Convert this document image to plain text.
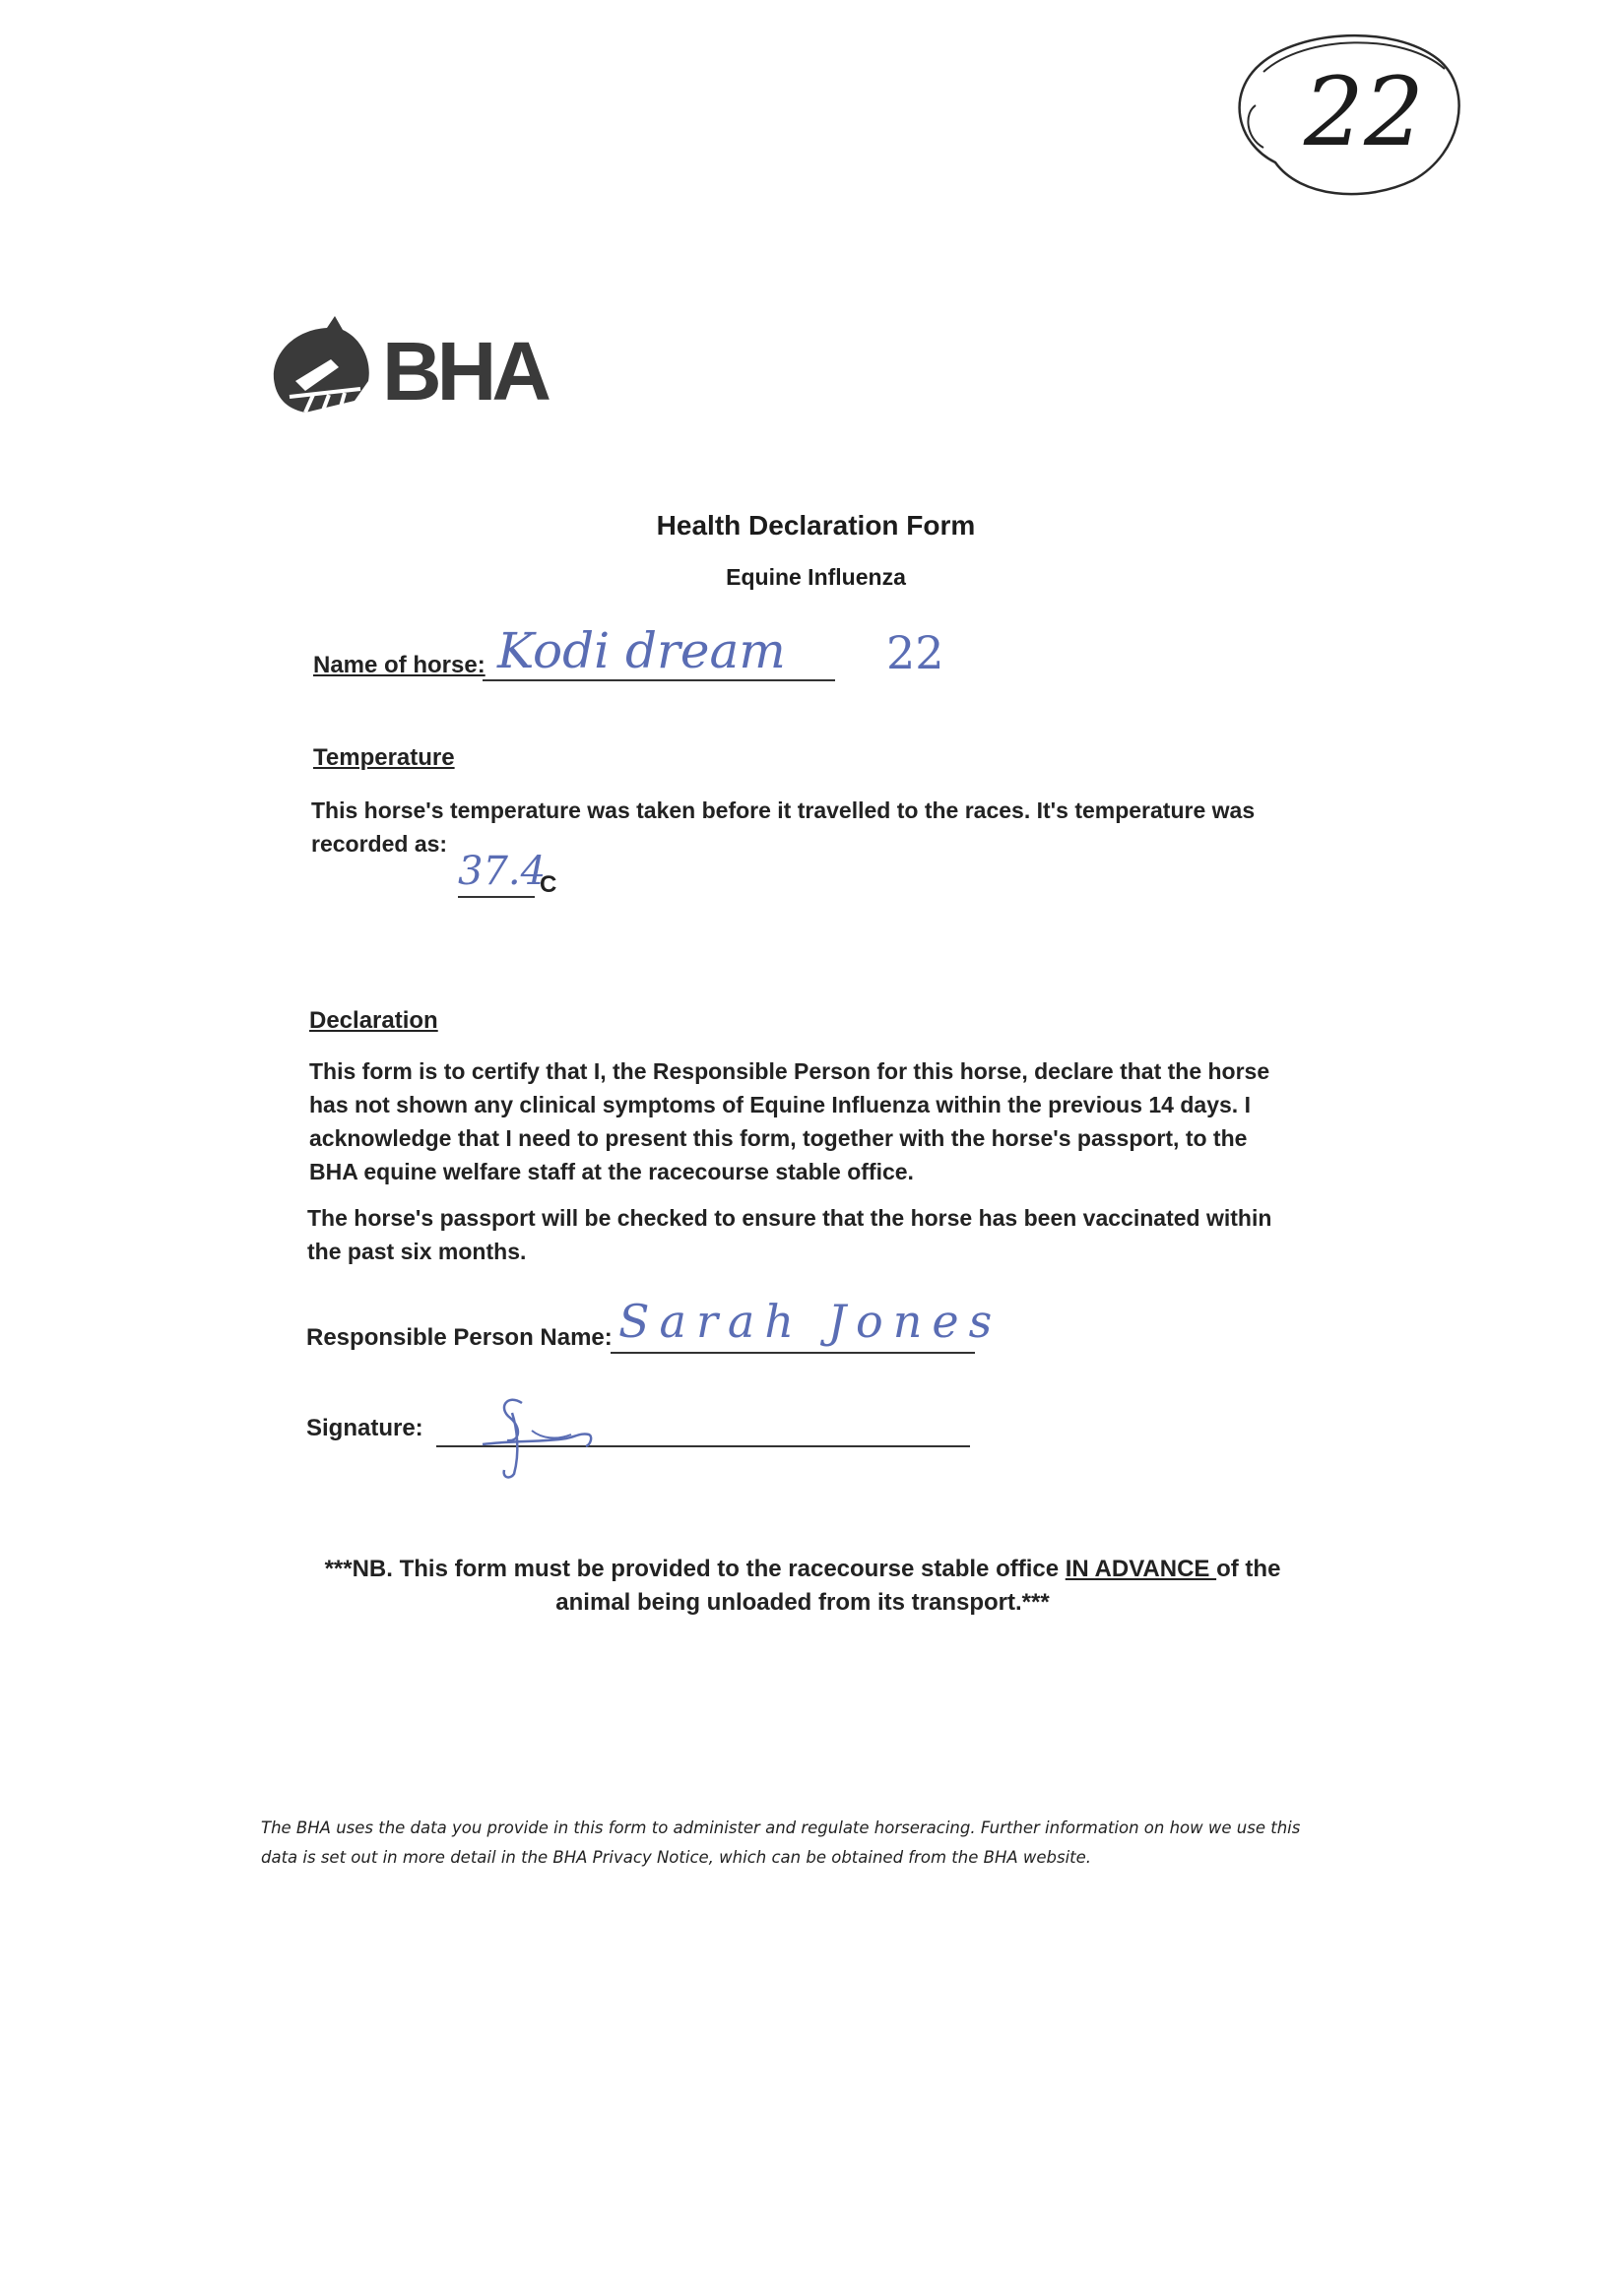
22
BHA
Health Declaration Form
Equine Influenza
Name of horse: Kodi dream 22
Temperature
This horse's temperature was taken before it travelled to the races. It's temperature was recorded as:
37.4
C
Declaration
This form is to certify that I, the Responsible Person for this horse, declare that the horse has not shown any clinical symptoms of Equine Influenza within the previous 14 days. I acknowledge that I need to present this form, together with the horse's passport, to the BHA equine welfare staff at the racecourse stable office.
The horse's passport will be checked to ensure that the horse has been vaccinated within the past six months.
Responsible Person Name: Sarah Jones
Signature:
***NB. This form must be provided to the racecourse stable office IN ADVANCE of the animal being unloaded from its transport.***
The BHA uses the data you provide in this form to administer and regulate horseracing. Further information on how we use this data is set out in more detail in the BHA Privacy Notice, which can be obtained from the BHA website.
